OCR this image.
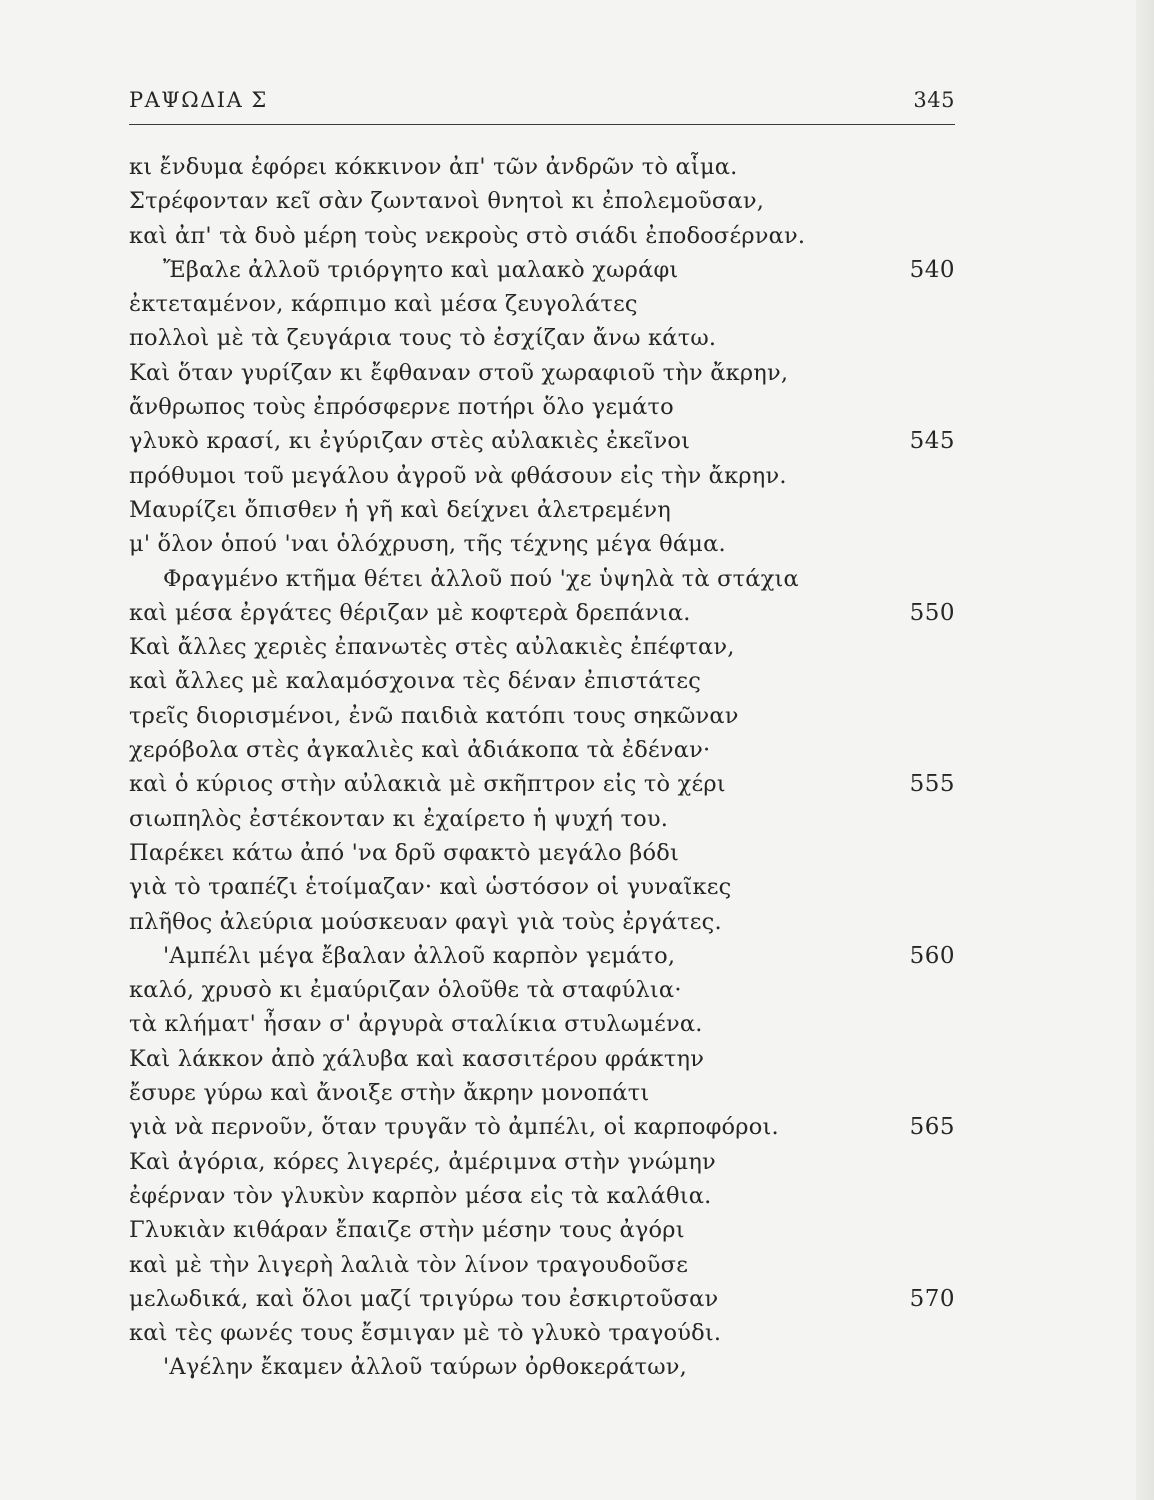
ΡΑΨΩΔΙΑ Σ	345
κι ἔνδυμα ἐφόρει κόκκινον ἀπ' τῶν ἀνδρῶν τὸ αἷμα.
Στρέφονταν κεῖ σὰν ζωντανοὶ θνητοὶ κι ἐπολεμοῦσαν,
καὶ ἀπ' τὰ δυὸ μέρη τοὺς νεκροὺς στὸ σιάδι ἐποδοσέρναν.
Ἔβαλε ἀλλοῦ τριόργητο καὶ μαλακὸ χωράφι	540
ἐκτεταμένον, κάρπιμο καὶ μέσα ζευγολάτες
πολλοὶ μὲ τὰ ζευγάρια τους τὸ ἐσχίζαν ἄνω κάτω.
Καὶ ὅταν γυρίζαν κι ἔφθαναν στοῦ χωραφιοῦ τὴν ἄκρην,
ἄνθρωπος τοὺς ἐπρόσφερνε ποτήρι ὅλο γεμάτο
γλυκὸ κρασί, κι ἐγύριζαν στὲς αὐλακιὲς ἐκεῖνοι	545
πρόθυμοι τοῦ μεγάλου ἀγροῦ νὰ φθάσουν εἰς τὴν ἄκρην.
Μαυρίζει ὄπισθεν ἡ γῆ καὶ δείχνει ἀλετρεμένη
μ' ὅλον ὁπού 'ναι ὁλόχρυση, τῆς τέχνης μέγα θάμα.
Φραγμένο κτῆμα θέτει ἀλλοῦ πού 'χε ὑψηλὰ τὰ στάχια
καὶ μέσα ἐργάτες θέριζαν μὲ κοφτερὰ δρεπάνια.	550
Καὶ ἄλλες χεριὲς ἐπανωτὲς στὲς αὐλακιὲς ἐπέφταν,
καὶ ἄλλες μὲ καλαμόσχοινα τὲς δέναν ἐπιστάτες
τρεῖς διορισμένοι, ἐνῶ παιδιὰ κατόπι τους σηκῶναν
χερόβολα στὲς ἀγκαλιὲς καὶ ἀδιάκοπα τὰ ἐδέναν·
καὶ ὁ κύριος στὴν αὐλακιὰ μὲ σκῆπτρον εἰς τὸ χέρι	555
σιωπηλὸς ἐστέκονταν κι ἐχαίρετο ἡ ψυχή του.
Παρέκει κάτω ἀπό 'να δρῦ σφακτὸ μεγάλο βόδι
γιὰ τὸ τραπέζι ἑτοίμαζαν· καὶ ὡστόσον οἱ γυναῖκες
πλῆθος ἀλεύρια μούσκευαν φαγὶ γιὰ τοὺς ἐργάτες.
'Αμπέλι μέγα ἔβαλαν ἀλλοῦ καρπὸν γεμάτο,	560
καλό, χρυσὸ κι ἐμαύριζαν ὁλοῦθε τὰ σταφύλια·
τὰ κλήματ' ἦσαν σ' ἀργυρὰ σταλίκια στυλωμένα.
Καὶ λάκκον ἀπὸ χάλυβα καὶ κασσιτέρου φράκτην
ἔσυρε γύρω καὶ ἄνοιξε στὴν ἄκρην μονοπάτι
γιὰ νὰ περνοῦν, ὅταν τρυγᾶν τὸ ἀμπέλι, οἱ καρποφόροι.	565
Καὶ ἀγόρια, κόρες λιγερές, ἀμέριμνα στὴν γνώμην
ἐφέρναν τὸν γλυκὺν καρπὸν μέσα εἰς τὰ καλάθια.
Γλυκιὰν κιθάραν ἔπαιζε στὴν μέσην τους ἀγόρι
καὶ μὲ τὴν λιγερὴ λαλιὰ τὸν λίνον τραγουδοῦσε
μελωδικά, καὶ ὅλοι μαζί τριγύρω του ἐσκιρτοῦσαν	570
καὶ τὲς φωνές τους ἔσμιγαν μὲ τὸ γλυκὸ τραγούδι.
'Αγέλην ἔκαμεν ἀλλοῦ ταύρων ὀρθοκεράτων,
